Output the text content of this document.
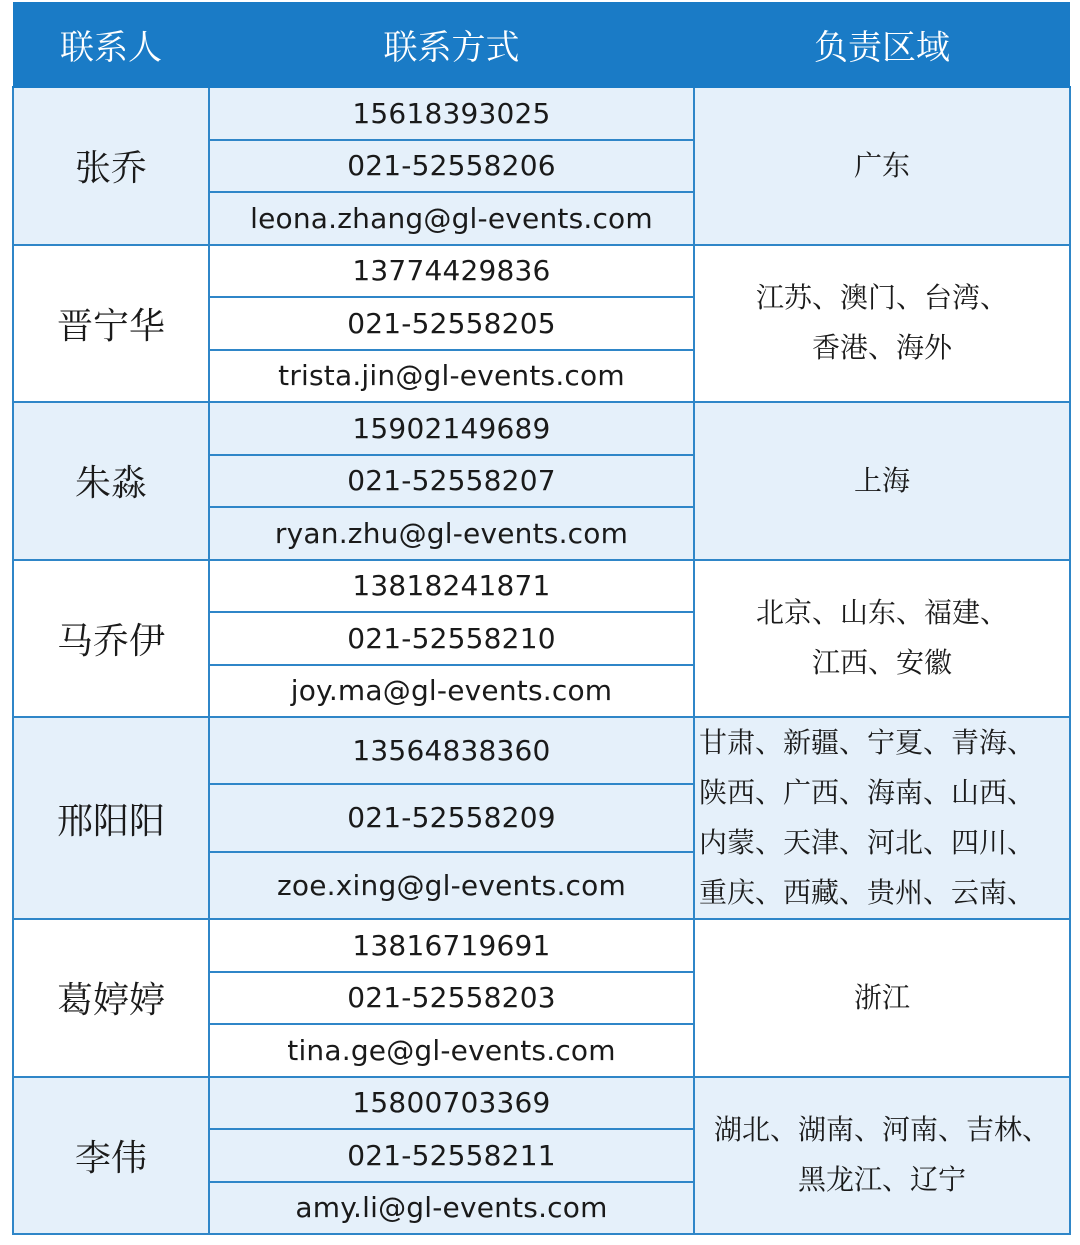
联系人	联系方式	负责区域
张乔	15618393025	广东

	021-52558206	
	leona.zhang@gl-events.com	
晋宁华	13774429836	江苏、澳门、台湾、
香港、海外

	021-52558205	
	trista.jin@gl-events.com	
朱淼	15902149689	上海

	021-52558207	
	ryan.zhu@gl-events.com	
马乔伊	13818241871	北京、山东、福建、
江西、安徽

	021-52558210	
	joy.ma@gl-events.com	
邢阳阳	13564838360	甘肃、新疆、宁夏、青海、
陕西、广西、海南、山西、
内蒙、天津、河北、四川、
重庆、西藏、贵州、云南、

	021-52558209	
	zoe.xing@gl-events.com	
葛婷婷	13816719691	浙江

	021-52558203	
	tina.ge@gl-events.com	
李伟	15800703369	湖北、湖南、河南、吉林、
黑龙江、辽宁

	021-52558211	
	amy.li@gl-events.com	
